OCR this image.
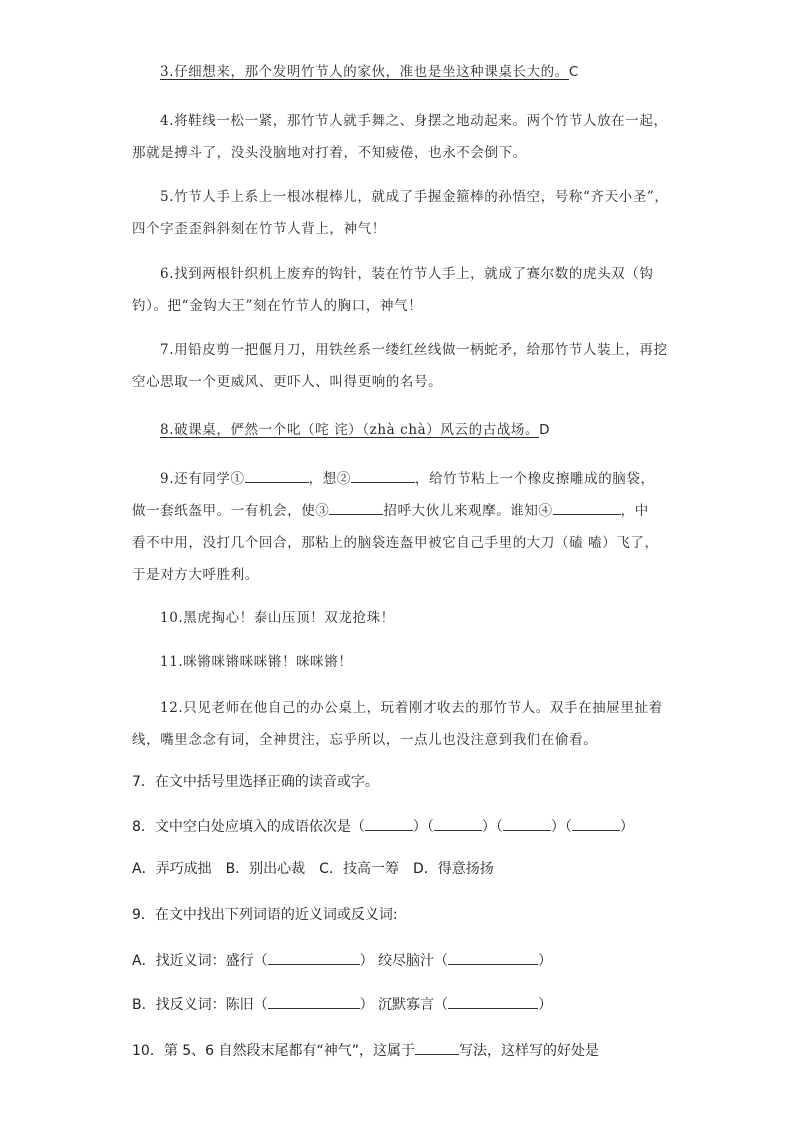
3.仔细想来，那个发明竹节人的家伙，准也是坐这种课桌长大的。C
4.将鞋线一松一紧，那竹节人就手舞之、身摆之地动起来。两个竹节人放在一起，
那就是搏斗了，没头没脑地对打着，不知疲倦，也永不会倒下。
5.竹节人手上系上一根冰棍棒儿，就成了手握金箍棒的孙悟空，号称“齐天小圣”，
四个字歪歪斜斜刻在竹节人背上，神气！
6.找到两根针织机上废弃的钩针，装在竹节人手上，就成了赛尔数的虎头双（钩
钓）。把“金钩大王”刻在竹节人的胸口，神气！
7.用铅皮剪一把偃月刀，用铁丝系一缕红丝线做一柄蛇矛，给那竹节人装上，再挖
空心思取一个更威风、更吓人、叫得更响的名号。
8.破课桌，俨然一个叱（咤 诧）（zhà chà）风云的古战场。D
9.还有同学①	，想②	，给竹节粘上一个橡皮擦雕成的脑袋，
做一套纸盔甲。一有机会，使③	招呼大伙儿来观摩。谁知④	，中
看不中用，没打几个回合，那粘上的脑袋连盔甲被它自己手里的大刀（磕 嗑）飞了，
于是对方大呼胜利。
10.黑虎掏心！泰山压顶！双龙抢珠！
11.咪锵咪锵咪咪锵！咪咪锵！
12.只见老师在他自己的办公桌上，玩着刚才收去的那竹节人。双手在抽屉里扯着
线，嘴里念念有词，全神贯注，忘乎所以，一点儿也没注意到我们在偷看。
7．在文中括号里选择正确的读音或字。
8．文中空白处应填入的成语依次是（	）（	）（	）（	）
A．弄巧成拙　B．别出心裁　C．技高一筹　D．得意扬扬
9．在文中找出下列词语的近义词或反义词:
A．找近义词：盛行（	） 绞尽脑汁（	）
B．找反义词：陈旧（	） 沉默寡言（	）
10．第 5、6 自然段末尾都有“神气”，这属于	写法，这样写的好处是
